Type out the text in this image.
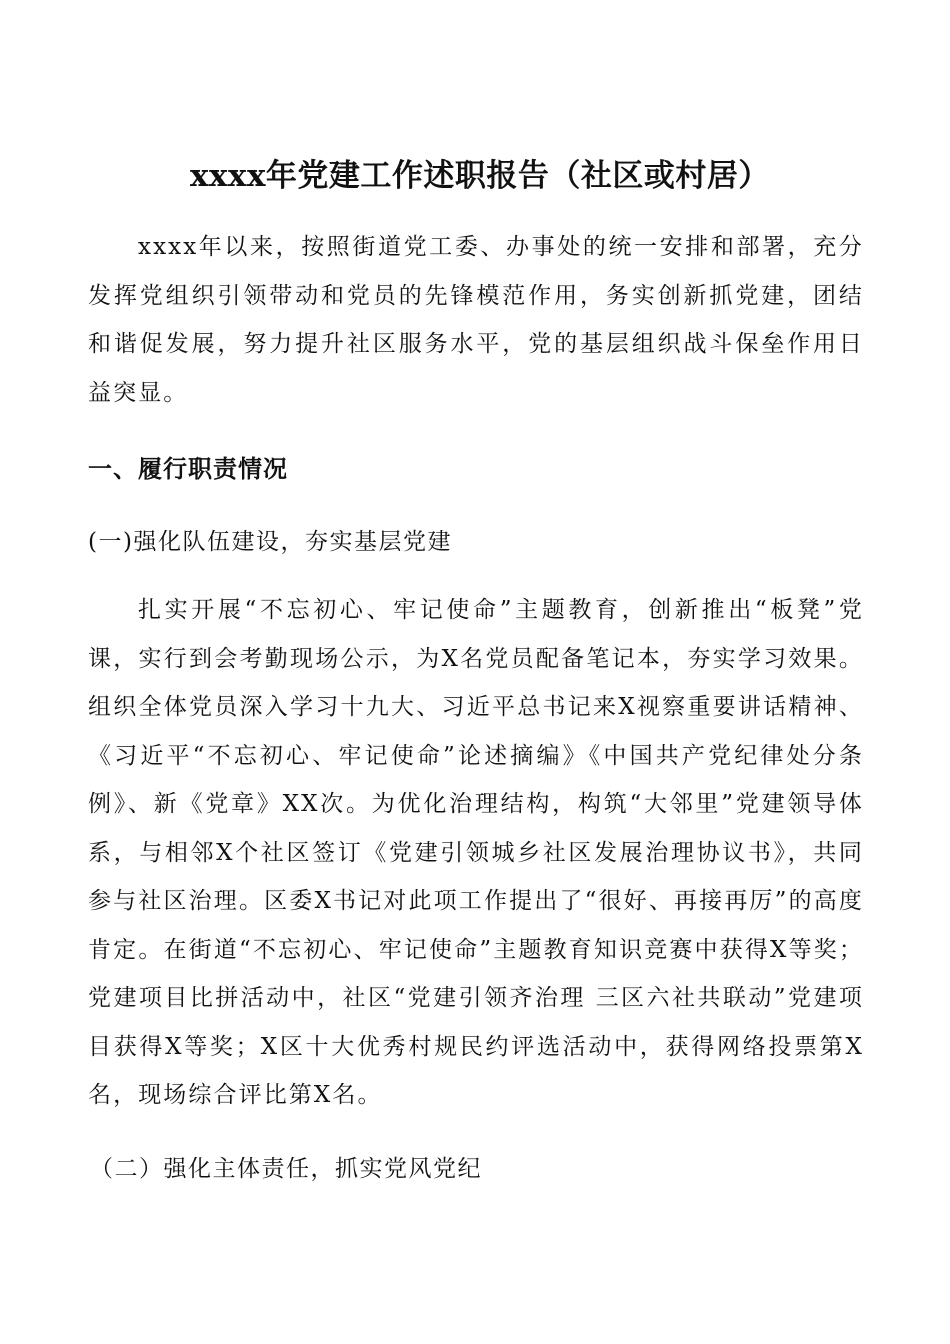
xxxx年党建工作述职报告（社区或村居）

xxxx年以来，按照街道党工委、办事处的统一安排和部署，充分发挥党组织引领带动和党员的先锋模范作用，务实创新抓党建，团结和谐促发展，努力提升社区服务水平，党的基层组织战斗保垒作用日益突显。

一、履行职责情况
(一)强化队伍建设，夯实基层党建

扎实开展“不忘初心、牢记使命”主题教育，创新推出“板凳”党课，实行到会考勤现场公示，为X名党员配备笔记本，夯实学习效果。组织全体党员深入学习十九大、习近平总书记来X视察重要讲话精神、《习近平“不忘初心、牢记使命”论述摘编》《中国共产党纪律处分条例》、新《党章》XX次。为优化治理结构，构筑“大邻里”党建领导体系，与相邻X个社区签订《党建引领城乡社区发展治理协议书》，共同参与社区治理。区委X书记对此项工作提出了“很好、再接再厉”的高度肯定。在街道“不忘初心、牢记使命”主题教育知识竞赛中获得X等奖；党建项目比拼活动中，社区“党建引领齐治理 三区六社共联动”党建项目获得X等奖；X区十大优秀村规民约评选活动中，获得网络投票第X名，现场综合评比第X名。

（二）强化主体责任，抓实党风党纪
